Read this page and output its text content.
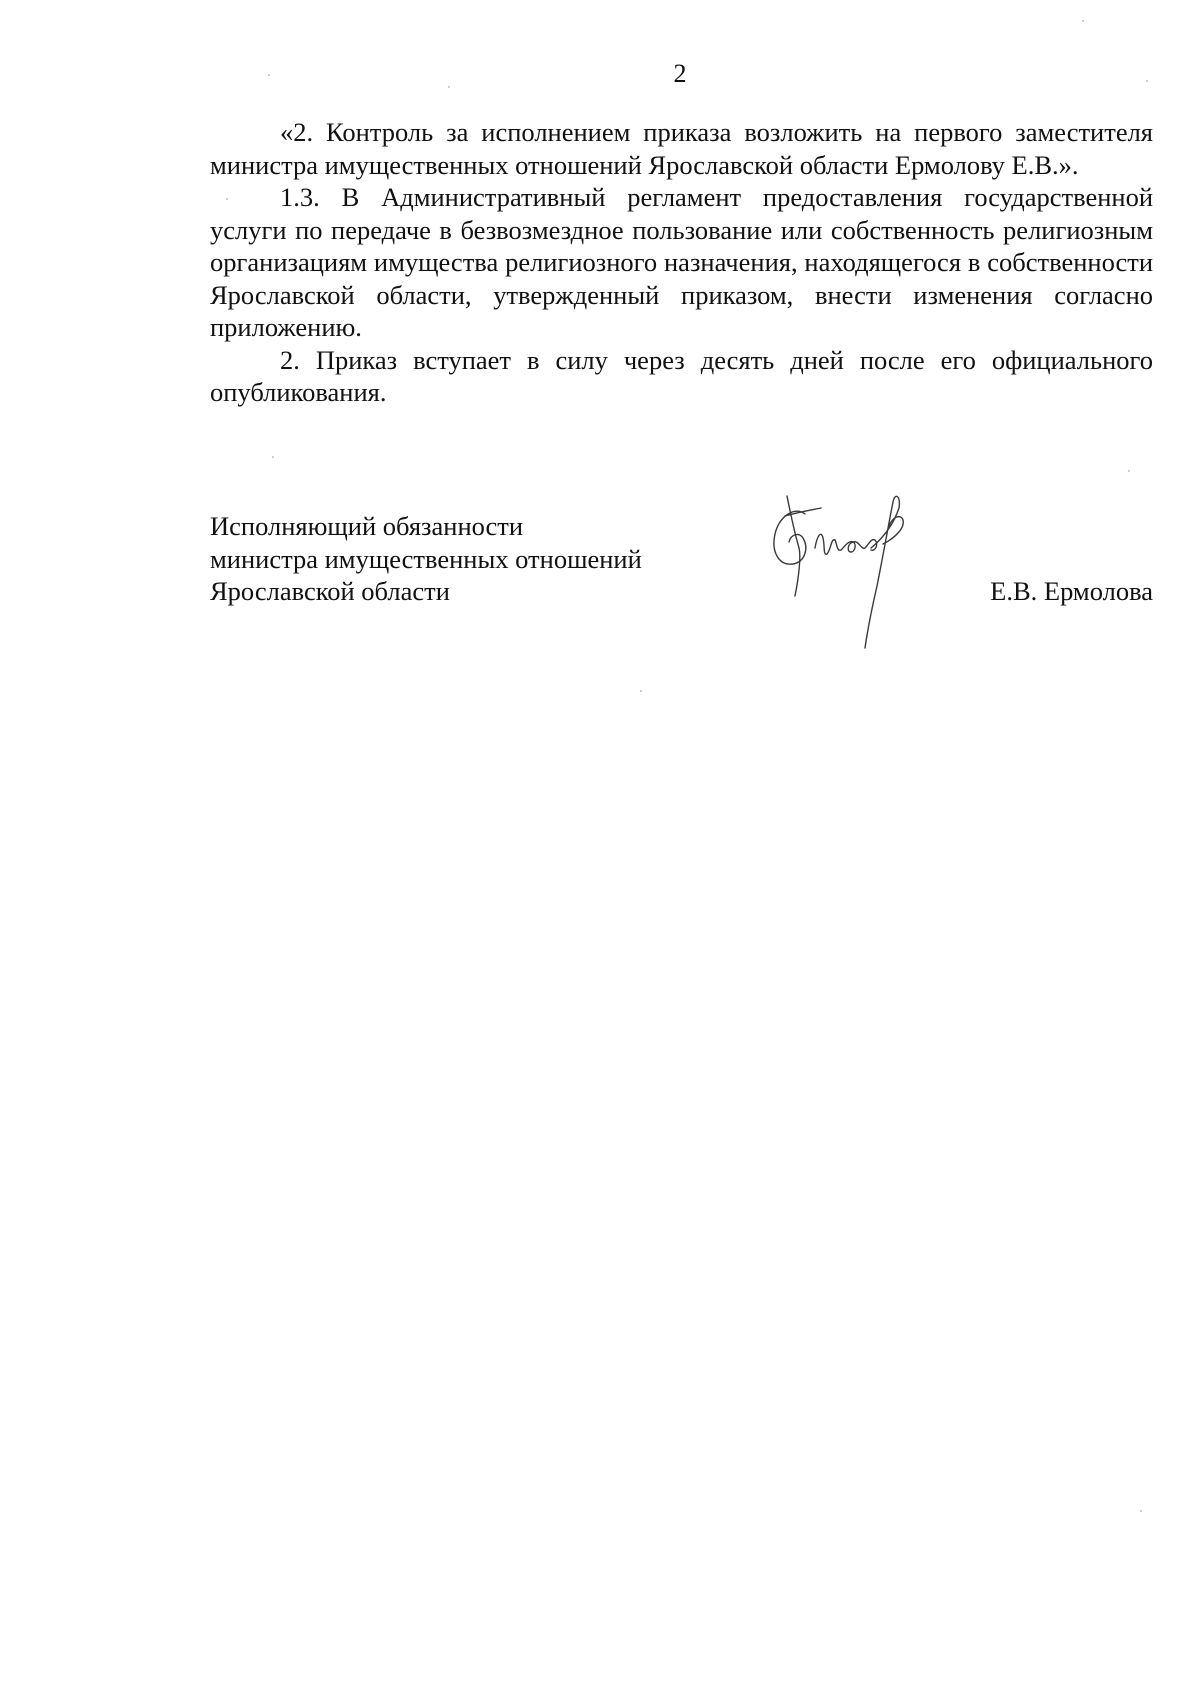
2

«2. Контроль за исполнением приказа возложить на первого заместителя министра имущественных отношений Ярославской области Ермолову Е.В.».

1.3. В Административный регламент предоставления государственной услуги по передаче в безвозмездное пользование или собственность религиозным организациям имущества религиозного назначения, находящегося в собственности Ярославской области, утвержденный приказом, внести изменения согласно приложению.

2. Приказ вступает в силу через десять дней после его официального опубликования.

Исполняющий обязанности
министра имущественных отношений
Ярославской области	Е.В. Ермолова
